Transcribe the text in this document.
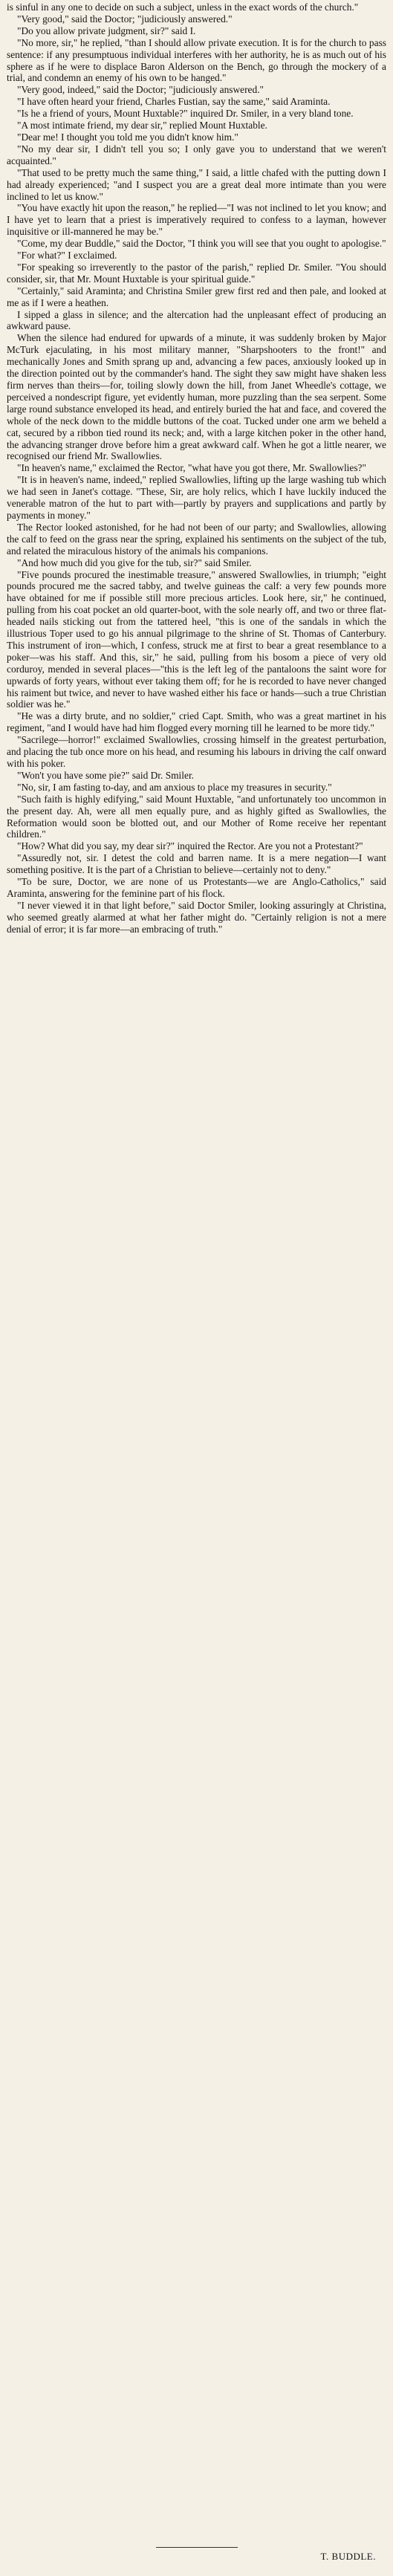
is sinful in any one to decide on such a subject, unless in the exact words of the church."

"Very good," said the Doctor; "judiciously answered."

"Do you allow private judgment, sir?" said I.

"No more, sir," he replied, "than I should allow private execution. It is for the church to pass sentence: if any presumptuous individual interferes with her authority, he is as much out of his sphere as if he were to displace Baron Alderson on the Bench, go through the mockery of a trial, and condemn an enemy of his own to be hanged."

"Very good, indeed," said the Doctor; "judiciously answered."

"I have often heard your friend, Charles Fustian, say the same," said Araminta.

"Is he a friend of yours, Mount Huxtable?" inquired Dr. Smiler, in a very bland tone.

"A most intimate friend, my dear sir," replied Mount Huxtable.

"Dear me! I thought you told me you didn't know him."

"No my dear sir, I didn't tell you so; I only gave you to understand that we weren't acquainted."

"That used to be pretty much the same thing," I said, a little chafed with the putting down I had already experienced; "and I suspect you are a great deal more intimate than you were inclined to let us know."

"You have exactly hit upon the reason," he replied—"I was not inclined to let you know; and I have yet to learn that a priest is imperatively required to confess to a layman, however inquisitive or ill-mannered he may be."

"Come, my dear Buddle," said the Doctor, "I think you will see that you ought to apologise."

"For what?" I exclaimed.

"For speaking so irreverently to the pastor of the parish," replied Dr. Smiler. "You should consider, sir, that Mr. Mount Huxtable is your spiritual guide."

"Certainly," said Araminta; and Christina Smiler grew first red and then pale, and looked at me as if I were a heathen.

I sipped a glass in silence; and the altercation had the unpleasant effect of producing an awkward pause.

When the silence had endured for upwards of a minute, it was suddenly broken by Major McTurk ejaculating, in his most military manner, "Sharpshooters to the front!" and mechanically Jones and Smith sprang up and, advancing a few paces, anxiously looked up in the direction pointed out by the commander's hand. The sight they saw might have shaken less firm nerves than theirs—for, toiling slowly down the hill, from Janet Wheedle's cottage, we perceived a nondescript figure, yet evidently human, more puzzling than the sea serpent. Some large round substance enveloped its head, and entirely buried the hat and face, and covered the whole of the neck down to the middle buttons of the coat. Tucked under one arm we beheld a cat, secured by a ribbon tied round its neck; and, with a large kitchen poker in the other hand, the advancing stranger drove before him a great awkward calf. When he got a little nearer, we recognised our friend Mr. Swallowlies.

"In heaven's name," exclaimed the Rector, "what have you got there, Mr. Swallowlies?"

"It is in heaven's name, indeed," replied Swallowlies, lifting up the large washing tub which we had seen in Janet's cottage. "These, Sir, are holy relics, which I have luckily induced the venerable matron of the hut to part with—partly by prayers and supplications and partly by payments in money."

The Rector looked astonished, for he had not been of our party; and Swallowlies, allowing the calf to feed on the grass near the spring, explained his sentiments on the subject of the tub, and related the miraculous history of the animals his companions.

"And how much did you give for the tub, sir?" said Smiler.

"Five pounds procured the inestimable treasure," answered Swallowlies, in triumph; "eight pounds procured me the sacred tabby, and twelve guineas the calf: a very few pounds more have obtained for me if possible still more precious articles. Look here, sir," he continued, pulling from his coat pocket an old quarter-boot, with the sole nearly off, and two or three flat-headed nails sticking out from the tattered heel, "this is one of the sandals in which the illustrious Toper used to go his annual pilgrimage to the shrine of St. Thomas of Canterbury. This instrument of iron—which, I confess, struck me at first to bear a great resemblance to a poker—was his staff. And this, sir," he said, pulling from his bosom a piece of very old corduroy, mended in several places—"this is the left leg of the pantaloons the saint wore for upwards of forty years, without ever taking them off; for he is recorded to have never changed his raiment but twice, and never to have washed either his face or hands—such a true Christian soldier was he."

"He was a dirty brute, and no soldier," cried Capt. Smith, who was a great martinet in his regiment, "and I would have had him flogged every morning till he learned to be more tidy."

"Sacrilege—horror!" exclaimed Swallowlies, crossing himself in the greatest perturbation, and placing the tub once more on his head, and resuming his labours in driving the calf onward with his poker.

"Won't you have some pie?" said Dr. Smiler.

"No, sir, I am fasting to-day, and am anxious to place my treasures in security."

"Such faith is highly edifying," said Mount Huxtable, "and unfortunately too uncommon in the present day. Ah, were all men equally pure, and as highly gifted as Swallowlies, the Reformation would soon be blotted out, and our Mother of Rome receive her repentant children."

"How? What did you say, my dear sir?" inquired the Rector. Are you not a Protestant?"

"Assuredly not, sir. I detest the cold and barren name. It is a mere negation—I want something positive. It is the part of a Christian to believe—certainly not to deny."

"To be sure, Doctor, we are none of us Protestants—we are Anglo-Catholics," said Araminta, answering for the feminine part of his flock.

"I never viewed it in that light before," said Doctor Smiler, looking assuringly at Christina, who seemed greatly alarmed at what her father might do. "Certainly religion is not a mere denial of error; it is far more—an embracing of truth."

T. BUDDLE.
